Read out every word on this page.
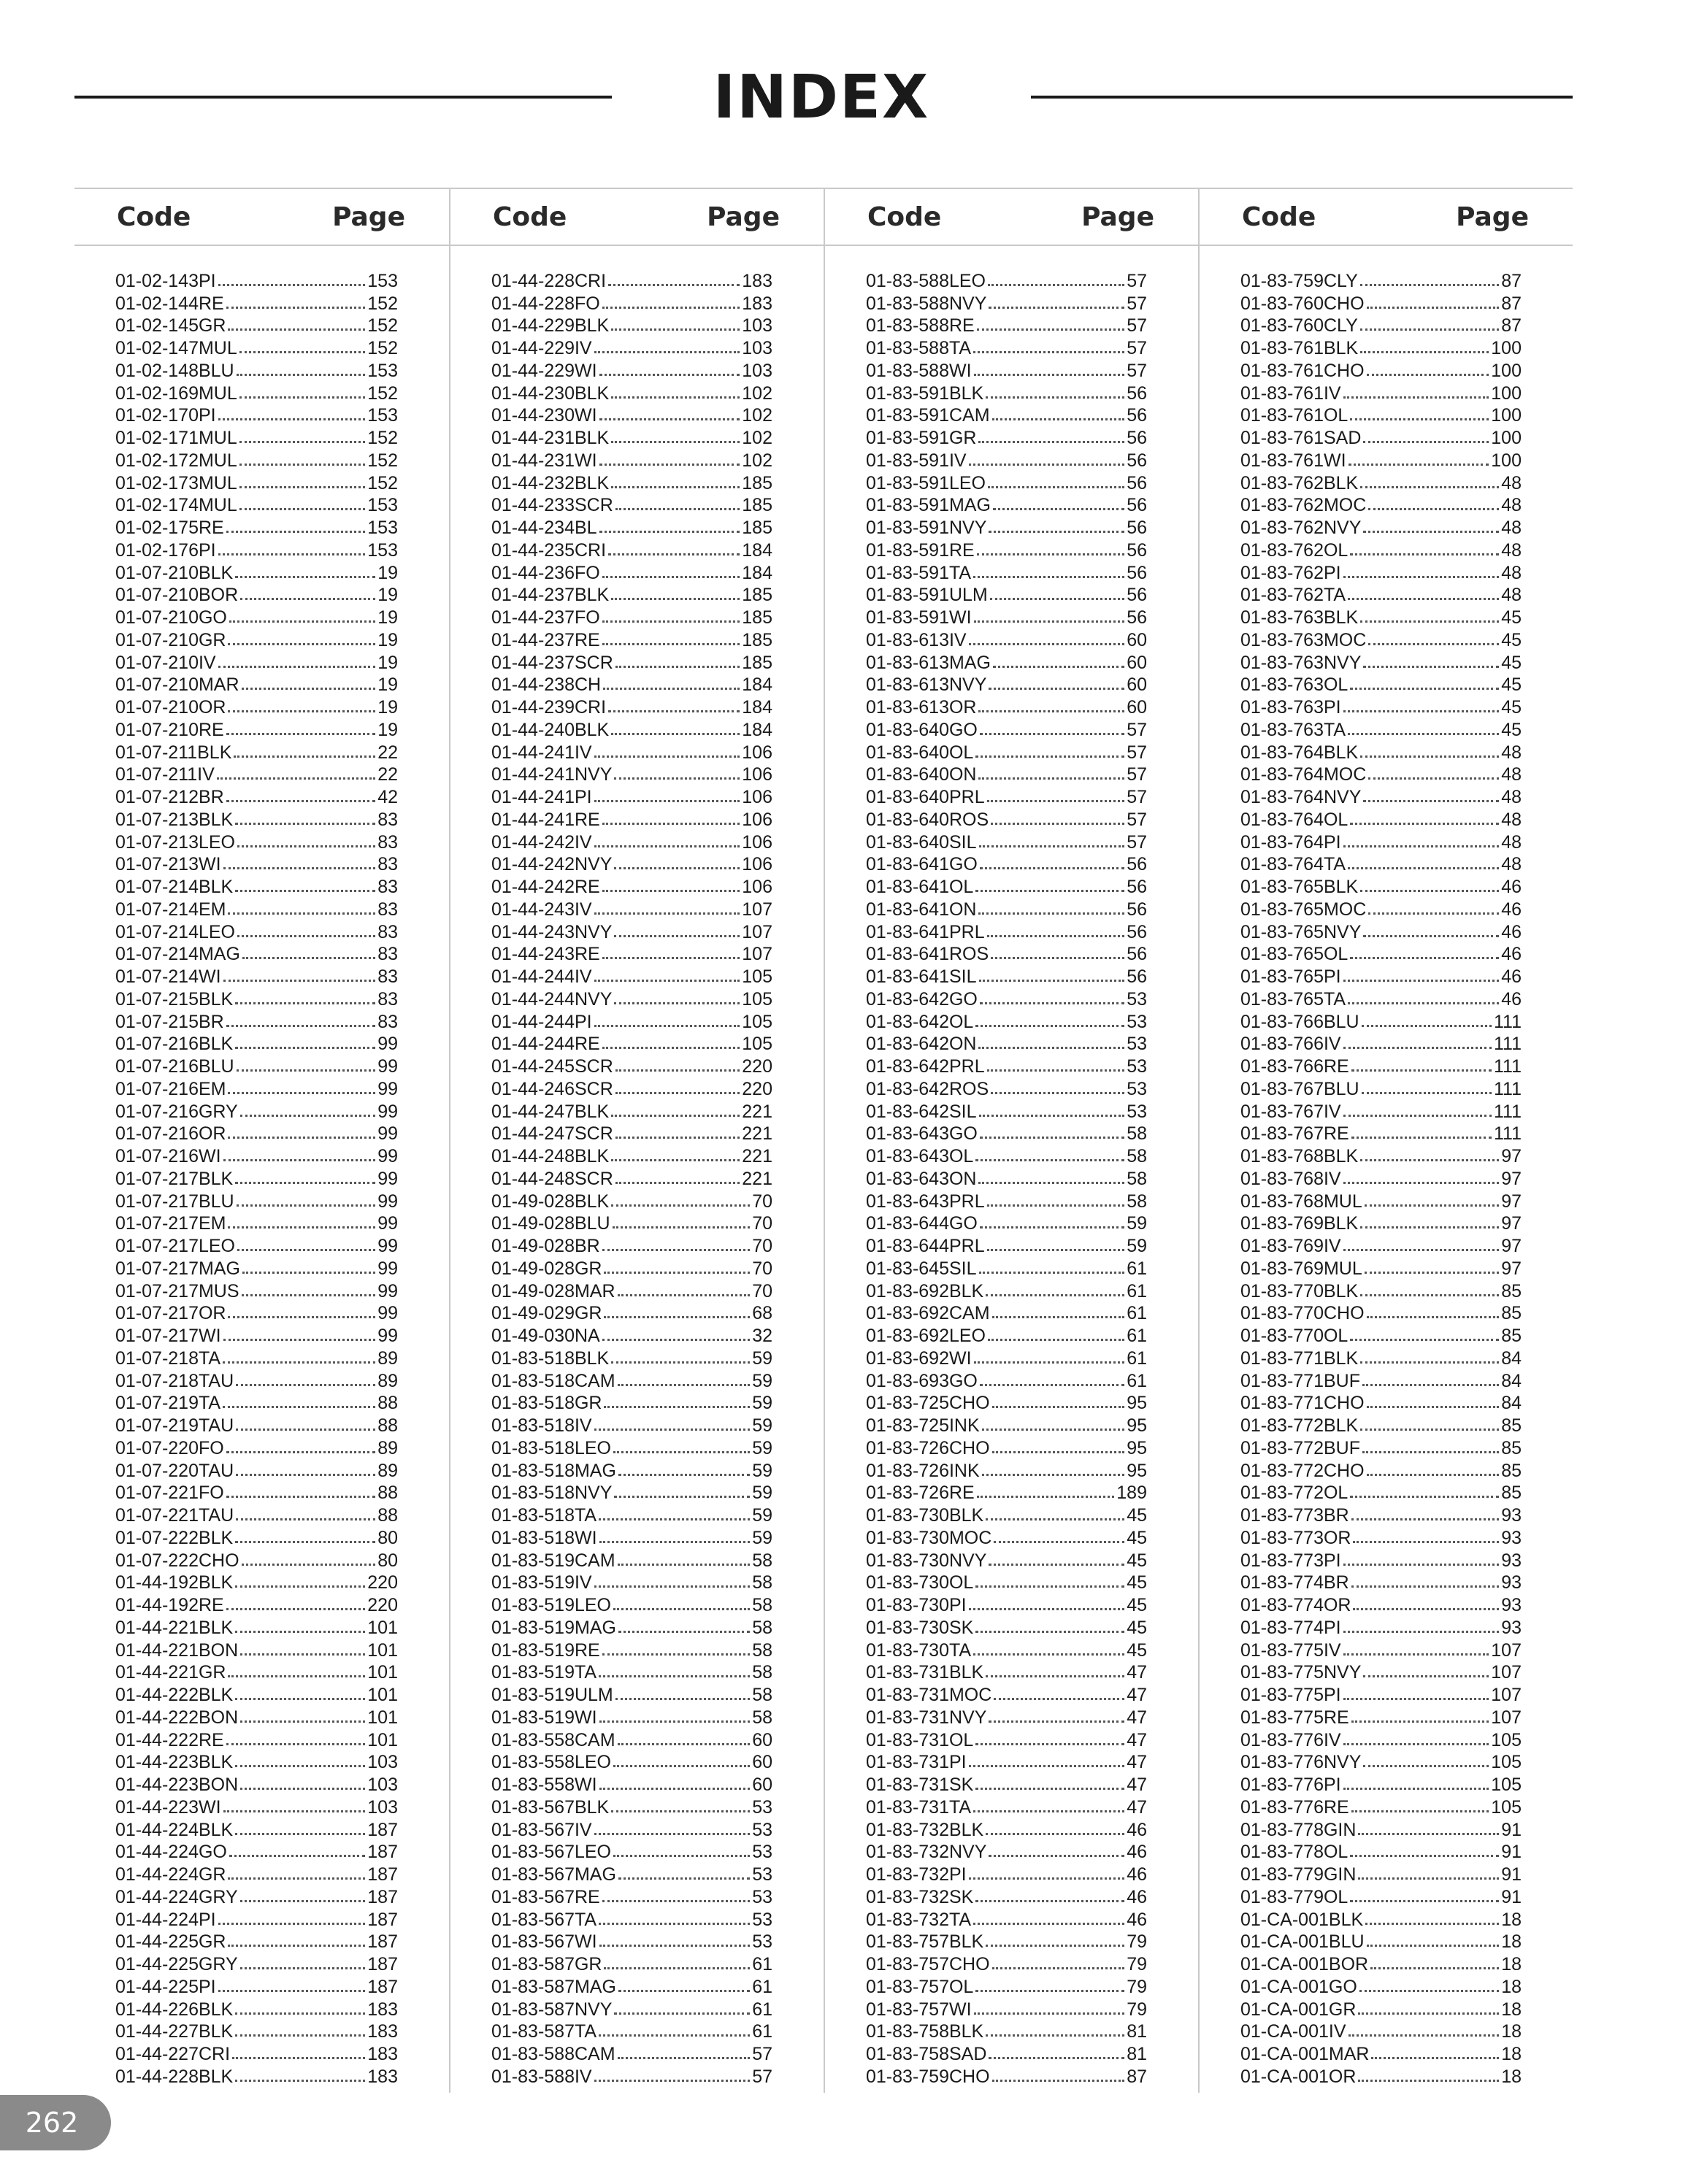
INDEX
Code	Page
01-02-143PI	153
01-02-144RE	152
01-02-145GR	152
01-02-147MUL	152
01-02-148BLU	153
01-02-169MUL	152
01-02-170PI	153
01-02-171MUL	152
01-02-172MUL	152
01-02-173MUL	152
01-02-174MUL	153
01-02-175RE	153
01-02-176PI	153
01-07-210BLK	19
01-07-210BOR	19
01-07-210GO	19
01-07-210GR	19
01-07-210IV	19
01-07-210MAR	19
01-07-210OR	19
01-07-210RE	19
01-07-211BLK	22
01-07-211IV	22
01-07-212BR	42
01-07-213BLK	83
01-07-213LEO	83
01-07-213WI	83
01-07-214BLK	83
01-07-214EM	83
01-07-214LEO	83
01-07-214MAG	83
01-07-214WI	83
01-07-215BLK	83
01-07-215BR	83
01-07-216BLK	99
01-07-216BLU	99
01-07-216EM	99
01-07-216GRY	99
01-07-216OR	99
01-07-216WI	99
01-07-217BLK	99
01-07-217BLU	99
01-07-217EM	99
01-07-217LEO	99
01-07-217MAG	99
01-07-217MUS	99
01-07-217OR	99
01-07-217WI	99
01-07-218TA	89
01-07-218TAU	89
01-07-219TA	88
01-07-219TAU	88
01-07-220FO	89
01-07-220TAU	89
01-07-221FO	88
01-07-221TAU	88
01-07-222BLK	80
01-07-222CHO	80
01-44-192BLK	220
01-44-192RE	220
01-44-221BLK	101
01-44-221BON	101
01-44-221GR	101
01-44-222BLK	101
01-44-222BON	101
01-44-222RE	101
01-44-223BLK	103
01-44-223BON	103
01-44-223WI	103
01-44-224BLK	187
01-44-224GO	187
01-44-224GR	187
01-44-224GRY	187
01-44-224PI	187
01-44-225GR	187
01-44-225GRY	187
01-44-225PI	187
01-44-226BLK	183
01-44-227BLK	183
01-44-227CRI	183
01-44-228BLK	183
Code	Page
01-44-228CRI	183
01-44-228FO	183
01-44-229BLK	103
01-44-229IV	103
01-44-229WI	103
01-44-230BLK	102
01-44-230WI	102
01-44-231BLK	102
01-44-231WI	102
01-44-232BLK	185
01-44-233SCR	185
01-44-234BL	185
01-44-235CRI	184
01-44-236FO	184
01-44-237BLK	185
01-44-237FO	185
01-44-237RE	185
01-44-237SCR	185
01-44-238CH	184
01-44-239CRI	184
01-44-240BLK	184
01-44-241IV	106
01-44-241NVY	106
01-44-241PI	106
01-44-241RE	106
01-44-242IV	106
01-44-242NVY	106
01-44-242RE	106
01-44-243IV	107
01-44-243NVY	107
01-44-243RE	107
01-44-244IV	105
01-44-244NVY	105
01-44-244PI	105
01-44-244RE	105
01-44-245SCR	220
01-44-246SCR	220
01-44-247BLK	221
01-44-247SCR	221
01-44-248BLK	221
01-44-248SCR	221
01-49-028BLK	70
01-49-028BLU	70
01-49-028BR	70
01-49-028GR	70
01-49-028MAR	70
01-49-029GR	68
01-49-030NA	32
01-83-518BLK	59
01-83-518CAM	59
01-83-518GR	59
01-83-518IV	59
01-83-518LEO	59
01-83-518MAG	59
01-83-518NVY	59
01-83-518TA	59
01-83-518WI	59
01-83-519CAM	58
01-83-519IV	58
01-83-519LEO	58
01-83-519MAG	58
01-83-519RE	58
01-83-519TA	58
01-83-519ULM	58
01-83-519WI	58
01-83-558CAM	60
01-83-558LEO	60
01-83-558WI	60
01-83-567BLK	53
01-83-567IV	53
01-83-567LEO	53
01-83-567MAG	53
01-83-567RE	53
01-83-567TA	53
01-83-567WI	53
01-83-587GR	61
01-83-587MAG	61
01-83-587NVY	61
01-83-587TA	61
01-83-588CAM	57
01-83-588IV	57
Code	Page
01-83-588LEO	57
01-83-588NVY	57
01-83-588RE	57
01-83-588TA	57
01-83-588WI	57
01-83-591BLK	56
01-83-591CAM	56
01-83-591GR	56
01-83-591IV	56
01-83-591LEO	56
01-83-591MAG	56
01-83-591NVY	56
01-83-591RE	56
01-83-591TA	56
01-83-591ULM	56
01-83-591WI	56
01-83-613IV	60
01-83-613MAG	60
01-83-613NVY	60
01-83-613OR	60
01-83-640GO	57
01-83-640OL	57
01-83-640ON	57
01-83-640PRL	57
01-83-640ROS	57
01-83-640SIL	57
01-83-641GO	56
01-83-641OL	56
01-83-641ON	56
01-83-641PRL	56
01-83-641ROS	56
01-83-641SIL	56
01-83-642GO	53
01-83-642OL	53
01-83-642ON	53
01-83-642PRL	53
01-83-642ROS	53
01-83-642SIL	53
01-83-643GO	58
01-83-643OL	58
01-83-643ON	58
01-83-643PRL	58
01-83-644GO	59
01-83-644PRL	59
01-83-645SIL	61
01-83-692BLK	61
01-83-692CAM	61
01-83-692LEO	61
01-83-692WI	61
01-83-693GO	61
01-83-725CHO	95
01-83-725INK	95
01-83-726CHO	95
01-83-726INK	95
01-83-726RE	189
01-83-730BLK	45
01-83-730MOC	45
01-83-730NVY	45
01-83-730OL	45
01-83-730PI	45
01-83-730SK	45
01-83-730TA	45
01-83-731BLK	47
01-83-731MOC	47
01-83-731NVY	47
01-83-731OL	47
01-83-731PI	47
01-83-731SK	47
01-83-731TA	47
01-83-732BLK	46
01-83-732NVY	46
01-83-732PI	46
01-83-732SK	46
01-83-732TA	46
01-83-757BLK	79
01-83-757CHO	79
01-83-757OL	79
01-83-757WI	79
01-83-758BLK	81
01-83-758SAD	81
01-83-759CHO	87
Code	Page
01-83-759CLY	87
01-83-760CHO	87
01-83-760CLY	87
01-83-761BLK	100
01-83-761CHO	100
01-83-761IV	100
01-83-761OL	100
01-83-761SAD	100
01-83-761WI	100
01-83-762BLK	48
01-83-762MOC	48
01-83-762NVY	48
01-83-762OL	48
01-83-762PI	48
01-83-762TA	48
01-83-763BLK	45
01-83-763MOC	45
01-83-763NVY	45
01-83-763OL	45
01-83-763PI	45
01-83-763TA	45
01-83-764BLK	48
01-83-764MOC	48
01-83-764NVY	48
01-83-764OL	48
01-83-764PI	48
01-83-764TA	48
01-83-765BLK	46
01-83-765MOC	46
01-83-765NVY	46
01-83-765OL	46
01-83-765PI	46
01-83-765TA	46
01-83-766BLU	111
01-83-766IV	111
01-83-766RE	111
01-83-767BLU	111
01-83-767IV	111
01-83-767RE	111
01-83-768BLK	97
01-83-768IV	97
01-83-768MUL	97
01-83-769BLK	97
01-83-769IV	97
01-83-769MUL	97
01-83-770BLK	85
01-83-770CHO	85
01-83-770OL	85
01-83-771BLK	84
01-83-771BUF	84
01-83-771CHO	84
01-83-772BLK	85
01-83-772BUF	85
01-83-772CHO	85
01-83-772OL	85
01-83-773BR	93
01-83-773OR	93
01-83-773PI	93
01-83-774BR	93
01-83-774OR	93
01-83-774PI	93
01-83-775IV	107
01-83-775NVY	107
01-83-775PI	107
01-83-775RE	107
01-83-776IV	105
01-83-776NVY	105
01-83-776PI	105
01-83-776RE	105
01-83-778GIN	91
01-83-778OL	91
01-83-779GIN	91
01-83-779OL	91
01-CA-001BLK	18
01-CA-001BLU	18
01-CA-001BOR	18
01-CA-001GO	18
01-CA-001GR	18
01-CA-001IV	18
01-CA-001MAR	18
01-CA-001OR	18
262
